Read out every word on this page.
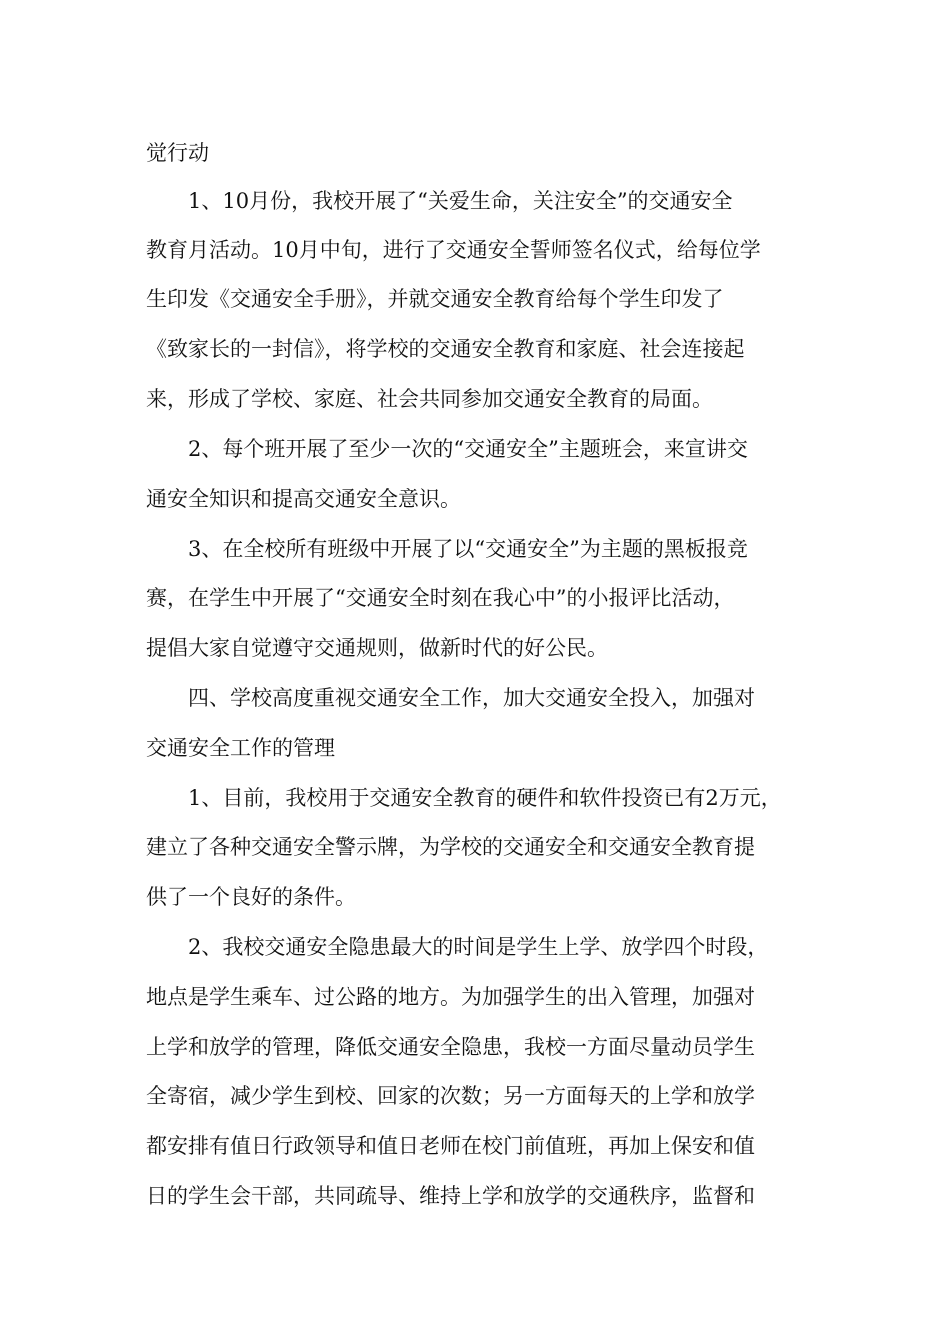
觉行动
1、10月份，我校开展了“关爱生命，关注安全”的交通安全
教育月活动。10月中旬，进行了交通安全誓师签名仪式，给每位学
生印发《交通安全手册》，并就交通安全教育给每个学生印发了
《致家长的一封信》，将学校的交通安全教育和家庭、社会连接起
来，形成了学校、家庭、社会共同参加交通安全教育的局面。
2、每个班开展了至少一次的“交通安全”主题班会，来宣讲交
通安全知识和提高交通安全意识。
3、在全校所有班级中开展了以“交通安全”为主题的黑板报竞
赛，在学生中开展了“交通安全时刻在我心中”的小报评比活动，
提倡大家自觉遵守交通规则，做新时代的好公民。
四、学校高度重视交通安全工作，加大交通安全投入，加强对
交通安全工作的管理
1、目前，我校用于交通安全教育的硬件和软件投资已有2万元，
建立了各种交通安全警示牌，为学校的交通安全和交通安全教育提
供了一个良好的条件。
2、我校交通安全隐患最大的时间是学生上学、放学四个时段，
地点是学生乘车、过公路的地方。为加强学生的出入管理，加强对
上学和放学的管理，降低交通安全隐患，我校一方面尽量动员学生
全寄宿，减少学生到校、回家的次数；另一方面每天的上学和放学
都安排有值日行政领导和值日老师在校门前值班，再加上保安和值
日的学生会干部，共同疏导、维持上学和放学的交通秩序，监督和
